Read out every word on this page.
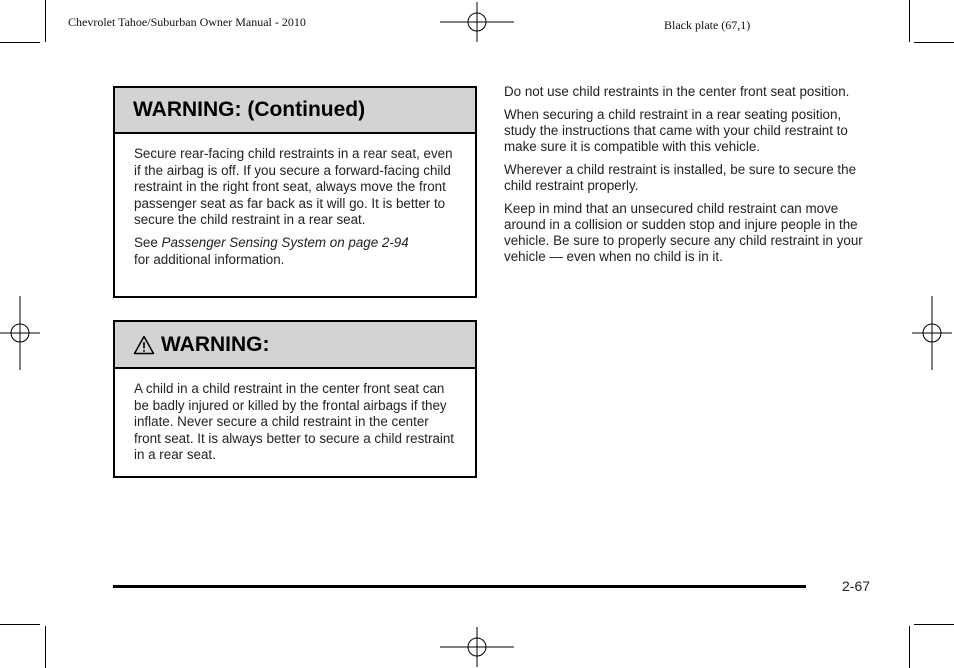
Chevrolet Tahoe/Suburban Owner Manual - 2010	Black plate (67,1)
WARNING: (Continued)

Secure rear-facing child restraints in a rear seat, even if the airbag is off. If you secure a forward-facing child restraint in the right front seat, always move the front passenger seat as far back as it will go. It is better to secure the child restraint in a rear seat.

See Passenger Sensing System on page 2-94
for additional information.

WARNING:

A child in a child restraint in the center front seat can be badly injured or killed by the frontal airbags if they inflate. Never secure a child restraint in the center front seat. It is always better to secure a child restraint in a rear seat.

Do not use child restraints in the center front seat position.

When securing a child restraint in a rear seating position, study the instructions that came with your child restraint to make sure it is compatible with this vehicle.

Wherever a child restraint is installed, be sure to secure the child restraint properly.

Keep in mind that an unsecured child restraint can move around in a collision or sudden stop and injure people in the vehicle. Be sure to properly secure any child restraint in your vehicle — even when no child is in it.

2-67
